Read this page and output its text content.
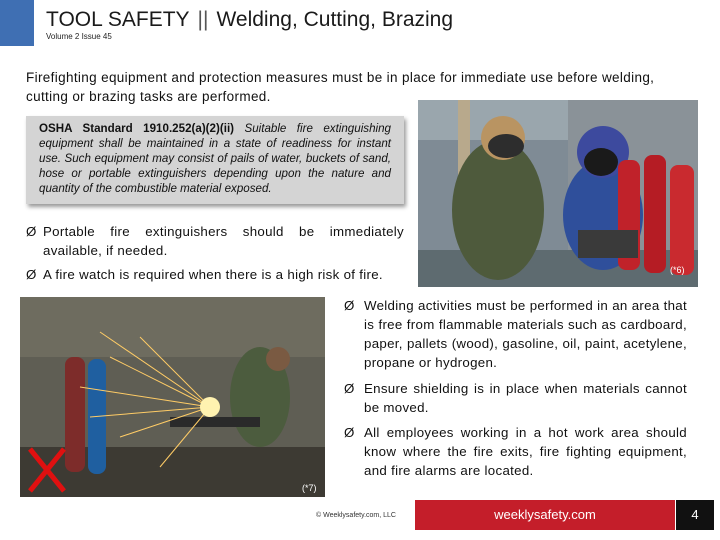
TOOL SAFETY || Welding, Cutting, Brazing
Volume 2 Issue 45
Firefighting equipment and protection measures must be in place for immediate use before welding, cutting or brazing tasks are performed.
OSHA Standard 1910.252(a)(2)(ii) Suitable fire extinguishing equipment shall be maintained in a state of readiness for instant use. Such equipment may consist of pails of water, buckets of sand, hose or portable extinguishers depending upon the nature and quantity of the combustible material exposed.
Ø Portable fire extinguishers should be immediately available, if needed.
Ø A fire watch is required when there is a high risk of fire.	(*6)
(*7)
Ø Welding activities must be performed in an area that is free from flammable materials such as cardboard, paper, pallets (wood), gasoline, oil, paint, acetylene, propane or hydrogen.
Ø Ensure shielding is in place when materials cannot be moved.
Ø All employees working in a hot work area should know where the fire exits, fire fighting equipment, and fire alarms are located.
© Weeklysafety.com, LLC	weeklysafety.com	4
